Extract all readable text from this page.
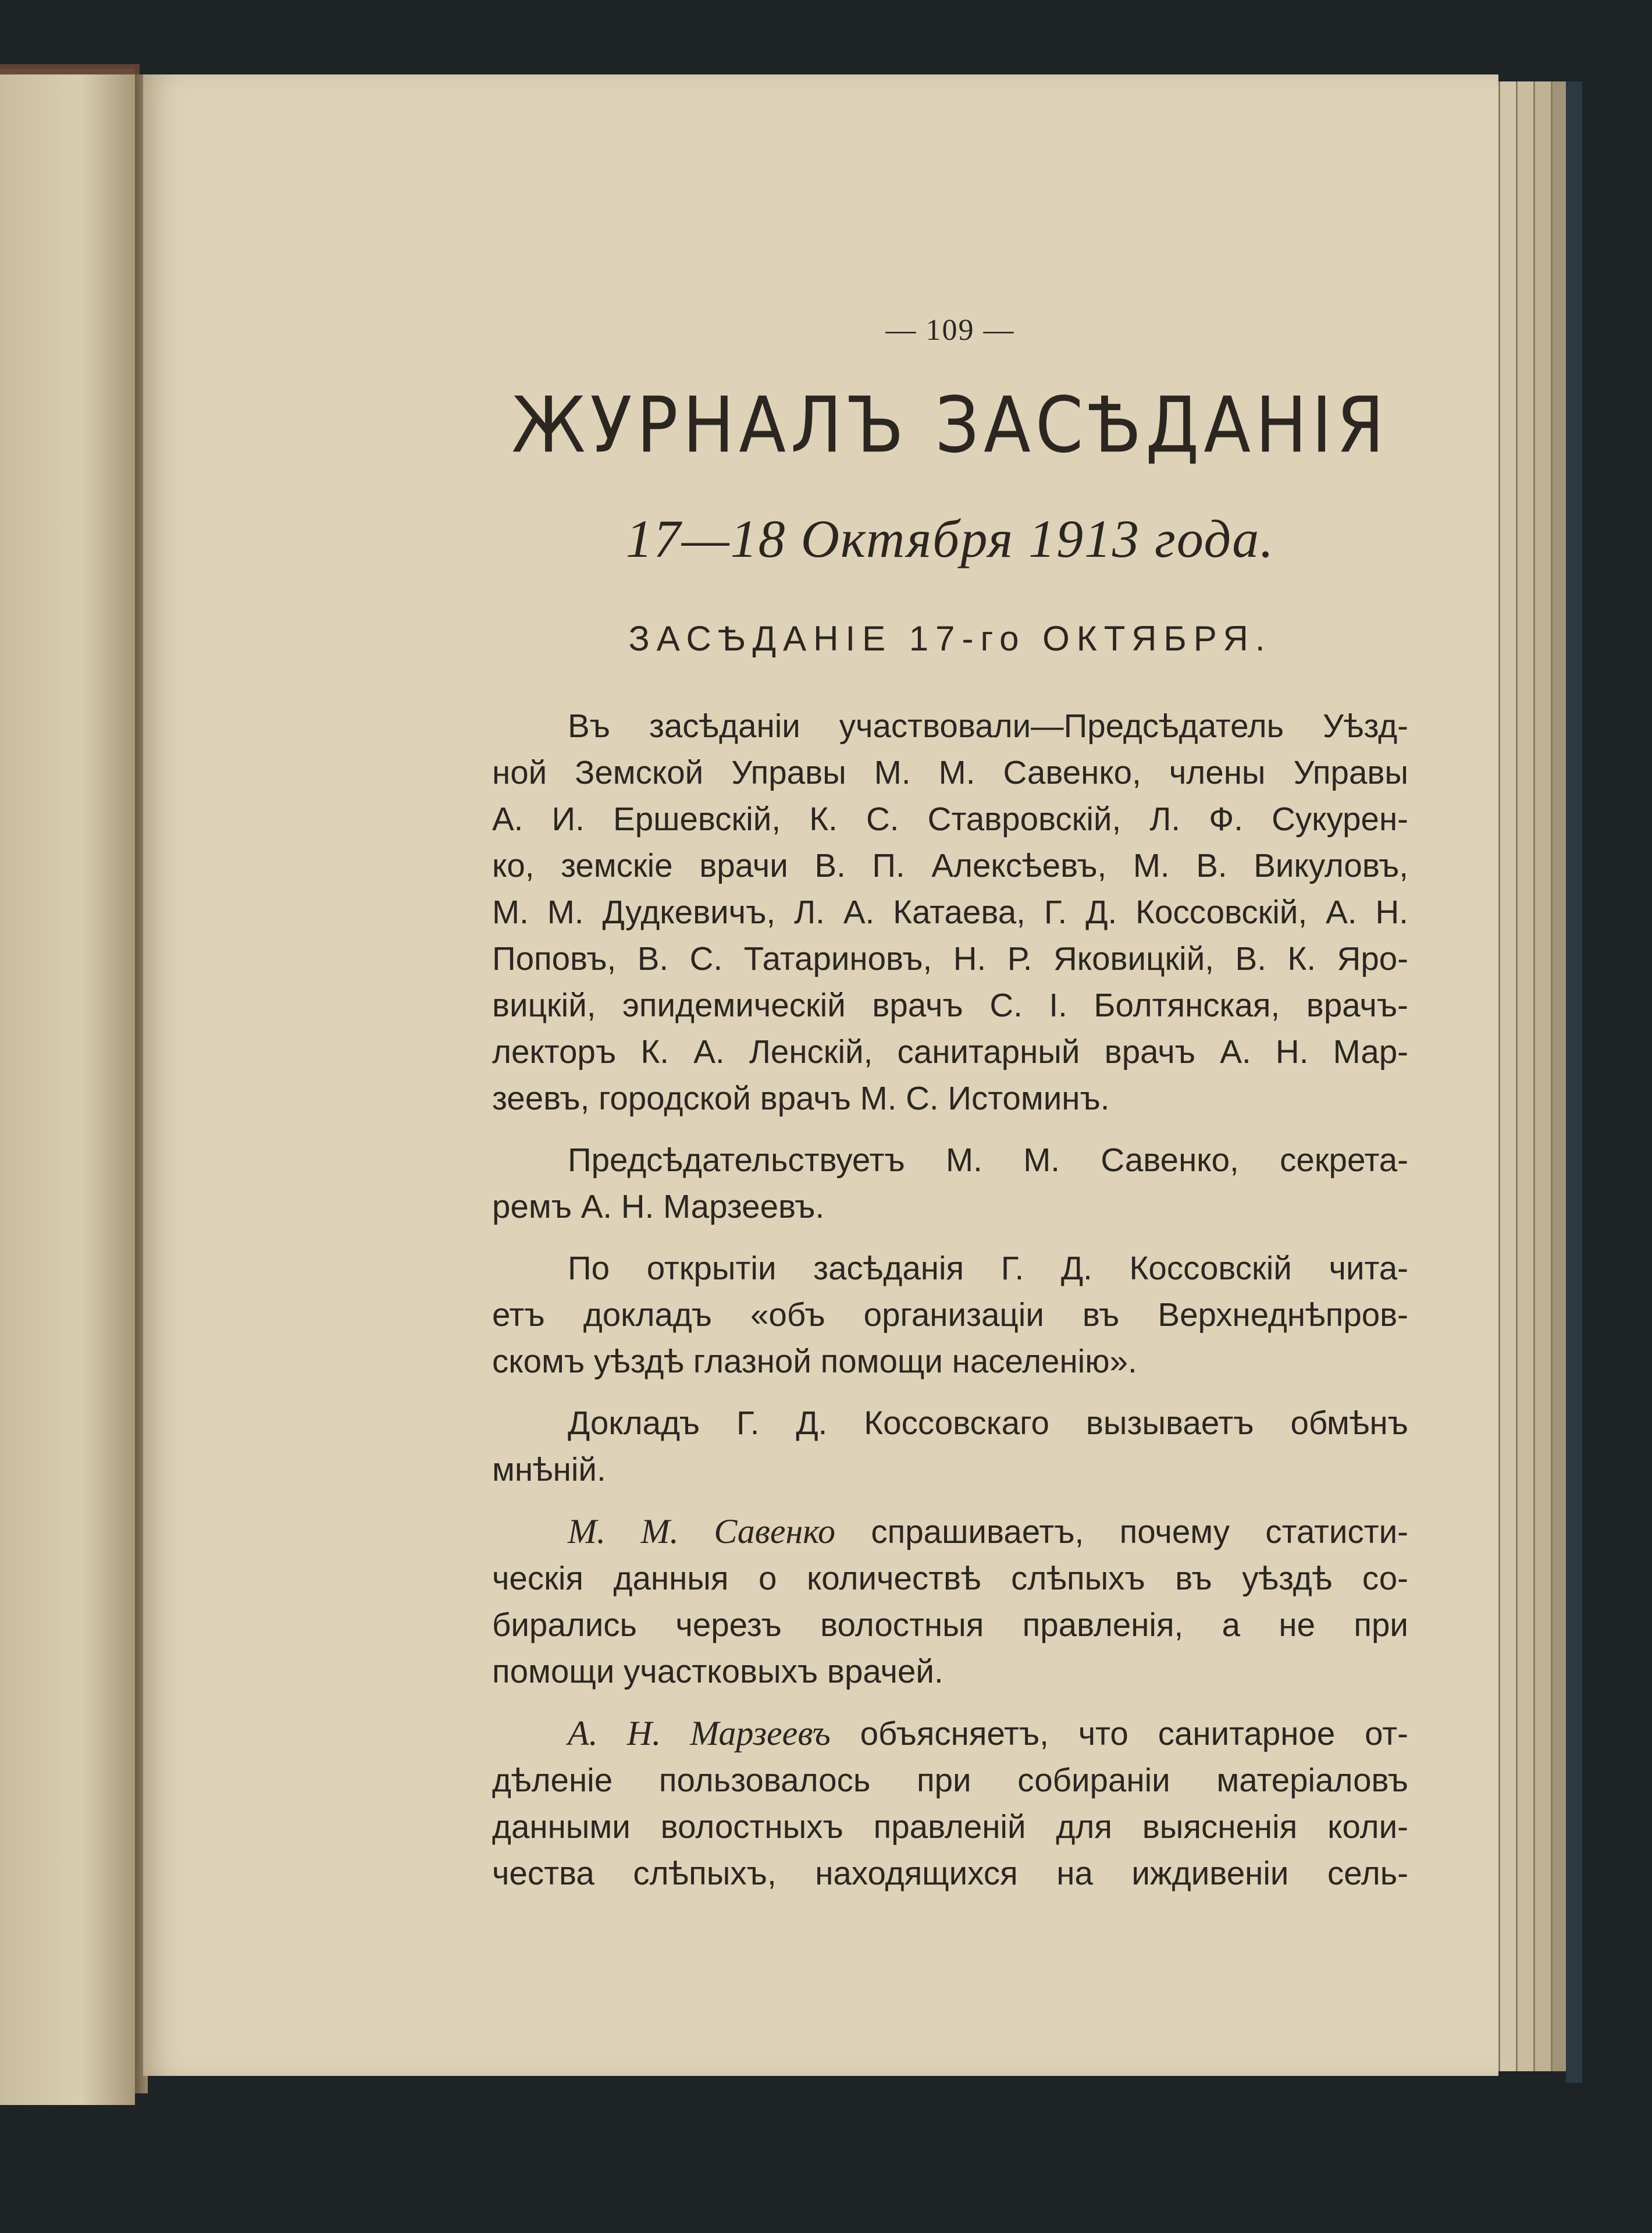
— 109 —
ЖУРНАЛЪ ЗАСѢДАНІЯ
17—18 Октября 1913 года.
ЗАСѢДАНІЕ 17-го ОКТЯБРЯ.

Въ засѣданіи участвовали—Предсѣдатель Уѣзд-
ной Земской Управы М. М. Савенко, члены Управы
А. И. Ершевскій, К. С. Ставровскій, Л. Ф. Сукурен-
ко, земскіе врачи В. П. Алексѣевъ, М. В. Викуловъ,
М. М. Дудкевичъ, Л. А. Катаева, Г. Д. Коссовскій, А. Н.
Поповъ, В. С. Татариновъ, Н. Р. Яковицкій, В. К. Яро-
вицкій, эпидемическій врачъ С. І. Болтянская, врачъ-
лекторъ К. А. Ленскій, санитарный врачъ А. Н. Мар-
зеевъ, городской врачъ М. С. Истоминъ.

Предсѣдательствуетъ М. М. Савенко, секрета-
ремъ А. Н. Марзеевъ.

По открытіи засѣданія Г. Д. Коссовскій чита-
етъ докладъ «объ организаціи въ Верхнеднѣпров-
скомъ уѣздѣ глазной помощи населенію».

Докладъ Г. Д. Коссовскаго вызываетъ обмѣнъ
мнѣній.

М. М. Савенко спрашиваетъ, почему статисти-
ческія данныя о количествѣ слѣпыхъ въ уѣздѣ со-
бирались черезъ волостныя правленія, а не при
помощи участковыхъ врачей.

А. Н. Марзеевъ объясняетъ, что санитарное от-
дѣленіе пользовалось при собираніи матеріаловъ
данными волостныхъ правленій для выясненія коли-
чества слѣпыхъ, находящихся на иждивеніи сель-
